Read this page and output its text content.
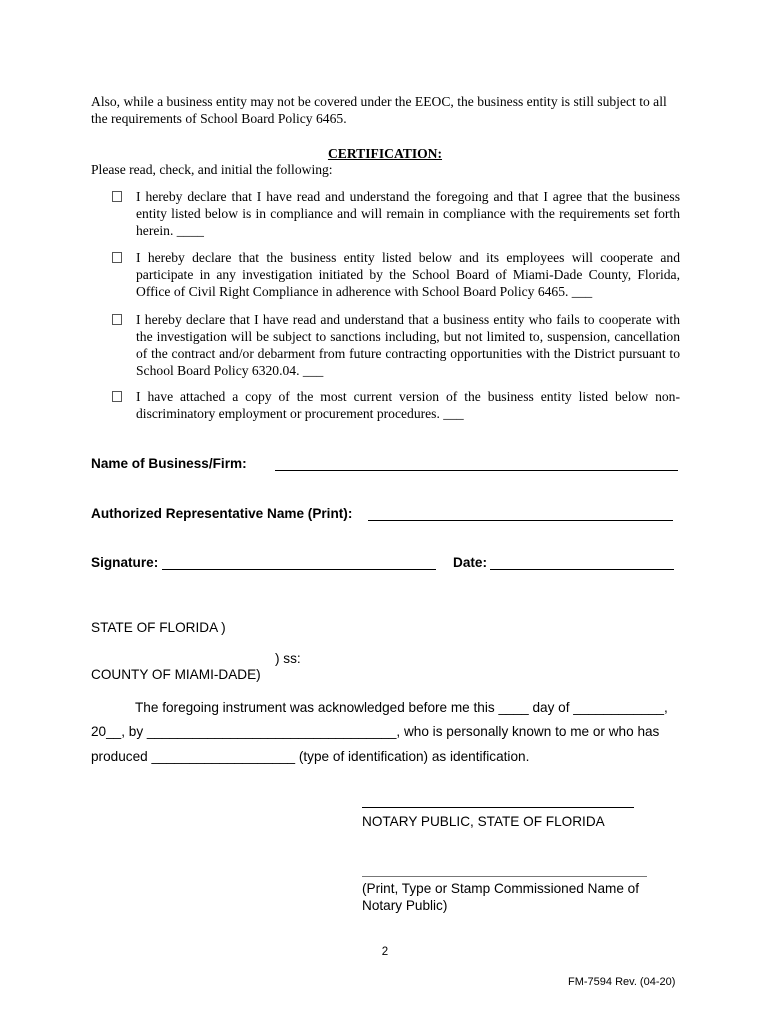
Also, while a business entity may not be covered under the EEOC, the business entity is still subject to all the requirements of School Board Policy 6465.
CERTIFICATION:
Please read, check, and initial the following:
I hereby declare that I have read and understand the foregoing and that I agree that the business entity listed below is in compliance and will remain in compliance with the requirements set forth herein. ____
I hereby declare that the business entity listed below and its employees will cooperate and participate in any investigation initiated by the School Board of Miami-Dade County, Florida, Office of Civil Right Compliance in adherence with School Board Policy 6465. ___
I hereby declare that I have read and understand that a business entity who fails to cooperate with the investigation will be subject to sanctions including, but not limited to, suspension, cancellation of the contract and/or debarment from future contracting opportunities with the District pursuant to School Board Policy 6320.04. ___
I have attached a copy of the most current version of the business entity listed below non-discriminatory employment or procurement procedures. ___
Name of Business/Firm:
Authorized Representative Name (Print):
Signature:	Date:
STATE OF FLORIDA )
) ss:
COUNTY OF MIAMI-DADE)
The foregoing instrument was acknowledged before me this ____ day of ____________,
20__, by _________________________________, who is personally known to me or who has
produced ___________________ (type of identification) as identification.
NOTARY PUBLIC, STATE OF FLORIDA
(Print, Type or Stamp Commissioned Name of Notary Public)
2
FM-7594 Rev. (04-20)
